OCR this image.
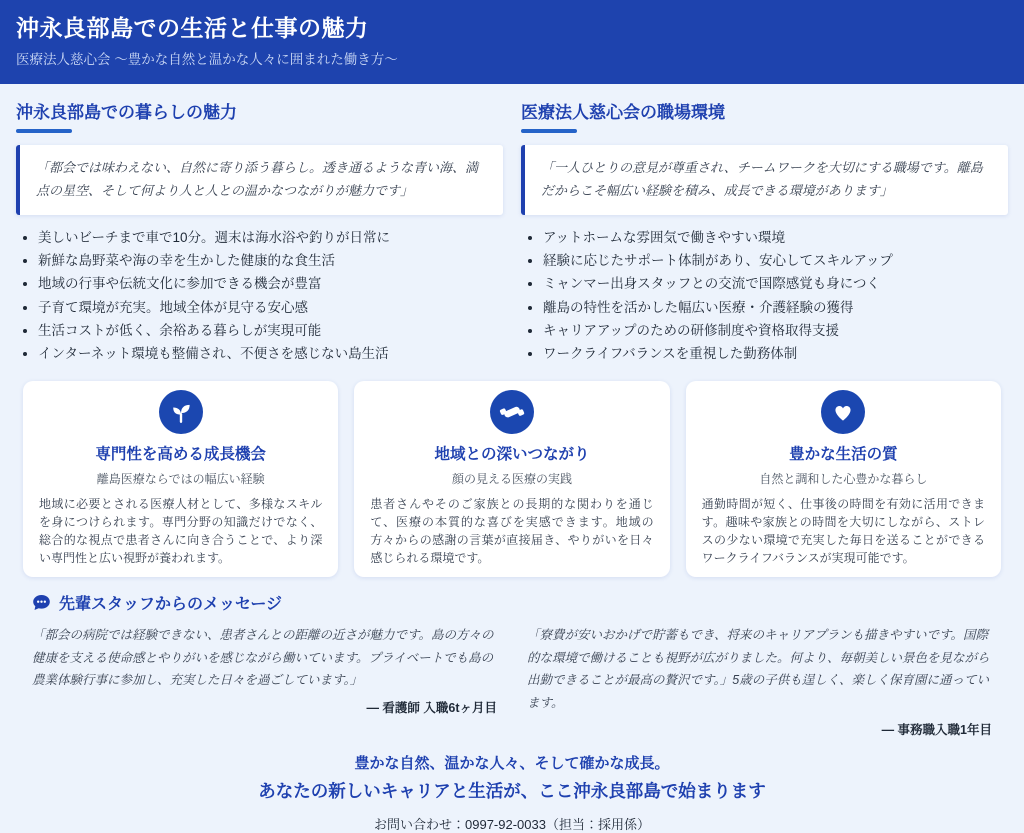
沖永良部島での生活と仕事の魅力

医療法人慈心会 〜豊かな自然と温かな人々に囲まれた働き方〜

沖永良部島での暮らしの魅力

「都会では味わえない、自然に寄り添う暮らし。透き通るような青い海、満点の星空、そして何より人と人との温かなつながりが魅力です」

• 美しいビーチまで車で10分。週末は海水浴や釣りが日常に
• 新鮮な島野菜や海の幸を生かした健康的な食生活
• 地域の行事や伝統文化に参加できる機会が豊富
• 子育て環境が充実。地域全体が見守る安心感
• 生活コストが低く、余裕ある暮らしが実現可能
• インターネット環境も整備され、不便さを感じない島生活
医療法人慈心会の職場環境

「一人ひとりの意見が尊重され、チームワークを大切にする職場です。離島だからこそ幅広い経験を積み、成長できる環境があります」

• アットホームな雰囲気で働きやすい環境
• 経験に応じたサポート体制があり、安心してスキルアップ
• ミャンマー出身スタッフとの交流で国際感覚も身につく
• 離島の特性を活かした幅広い医療・介護経験の獲得
• キャリアアップのための研修制度や資格取得支援
• ワークライフバランスを重視した勤務体制
専門性を高める成長機会

離島医療ならではの幅広い経験

地域に必要とされる医療人材として、多様なスキルを身につけられます。専門分野の知識だけでなく、総合的な視点で患者さんに向き合うことで、より深い専門性と広い視野が養われます。

地域との深いつながり

顔の見える医療の実践

患者さんやそのご家族との長期的な関わりを通じて、医療の本質的な喜びを実感できます。地域の方々からの感謝の言葉が直接届き、やりがいを日々感じられる環境です。

豊かな生活の質

自然と調和した心豊かな暮らし

通勤時間が短く、仕事後の時間を有効に活用できます。趣味や家族との時間を大切にしながら、ストレスの少ない環境で充実した毎日を送ることができるワークライフバランスが実現可能です。

先輩スタッフからのメッセージ
「都会の病院では経験できない、患者さんとの距離の近さが魅力です。島の方々の健康を支える使命感とやりがいを感じながら働いています。プライベートでも島の農業体験行事に参加し、充実した日々を過ごしています。」
— 看護師 入職6tヶ月目
「寮費が安いおかげで貯蓄もでき、将来のキャリアプランも描きやすいです。国際的な環境で働けることも視野が広がりました。何より、毎朝美しい景色を見ながら出勤できることが最高の贅沢です。」5歳の子供も逞しく、楽しく保育園に通っています。
— 事務職入職1年目

豊かな自然、温かな人々、そして確かな成長。

あなたの新しいキャリアと生活が、ここ沖永良部島で始まります

お問い合わせ：0997-92-0033（担当：採用係）
